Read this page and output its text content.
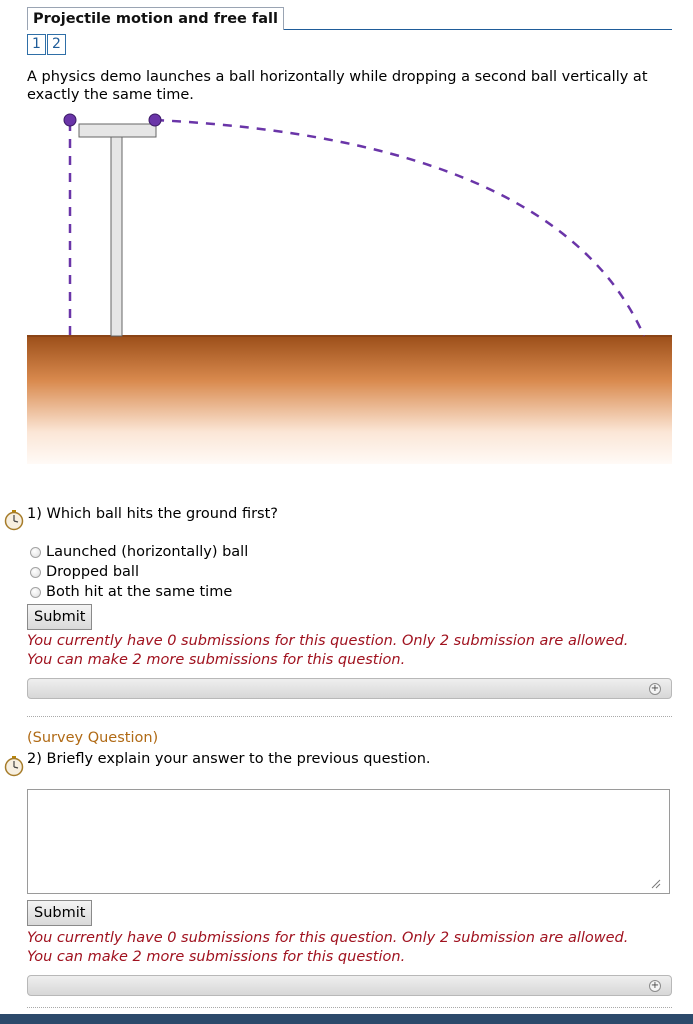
Projectile motion and free fall
1 2
A physics demo launches a ball horizontally while dropping a second ball vertically at exactly the same time.
1) Which ball hits the ground first?
Launched (horizontally) ball
Dropped ball
Both hit at the same time
Submit
You currently have 0 submissions for this question. Only 2 submission are allowed.
You can make 2 more submissions for this question.
+
(Survey Question)
2) Briefly explain your answer to the previous question.
Submit
You currently have 0 submissions for this question. Only 2 submission are allowed.
You can make 2 more submissions for this question.
+
